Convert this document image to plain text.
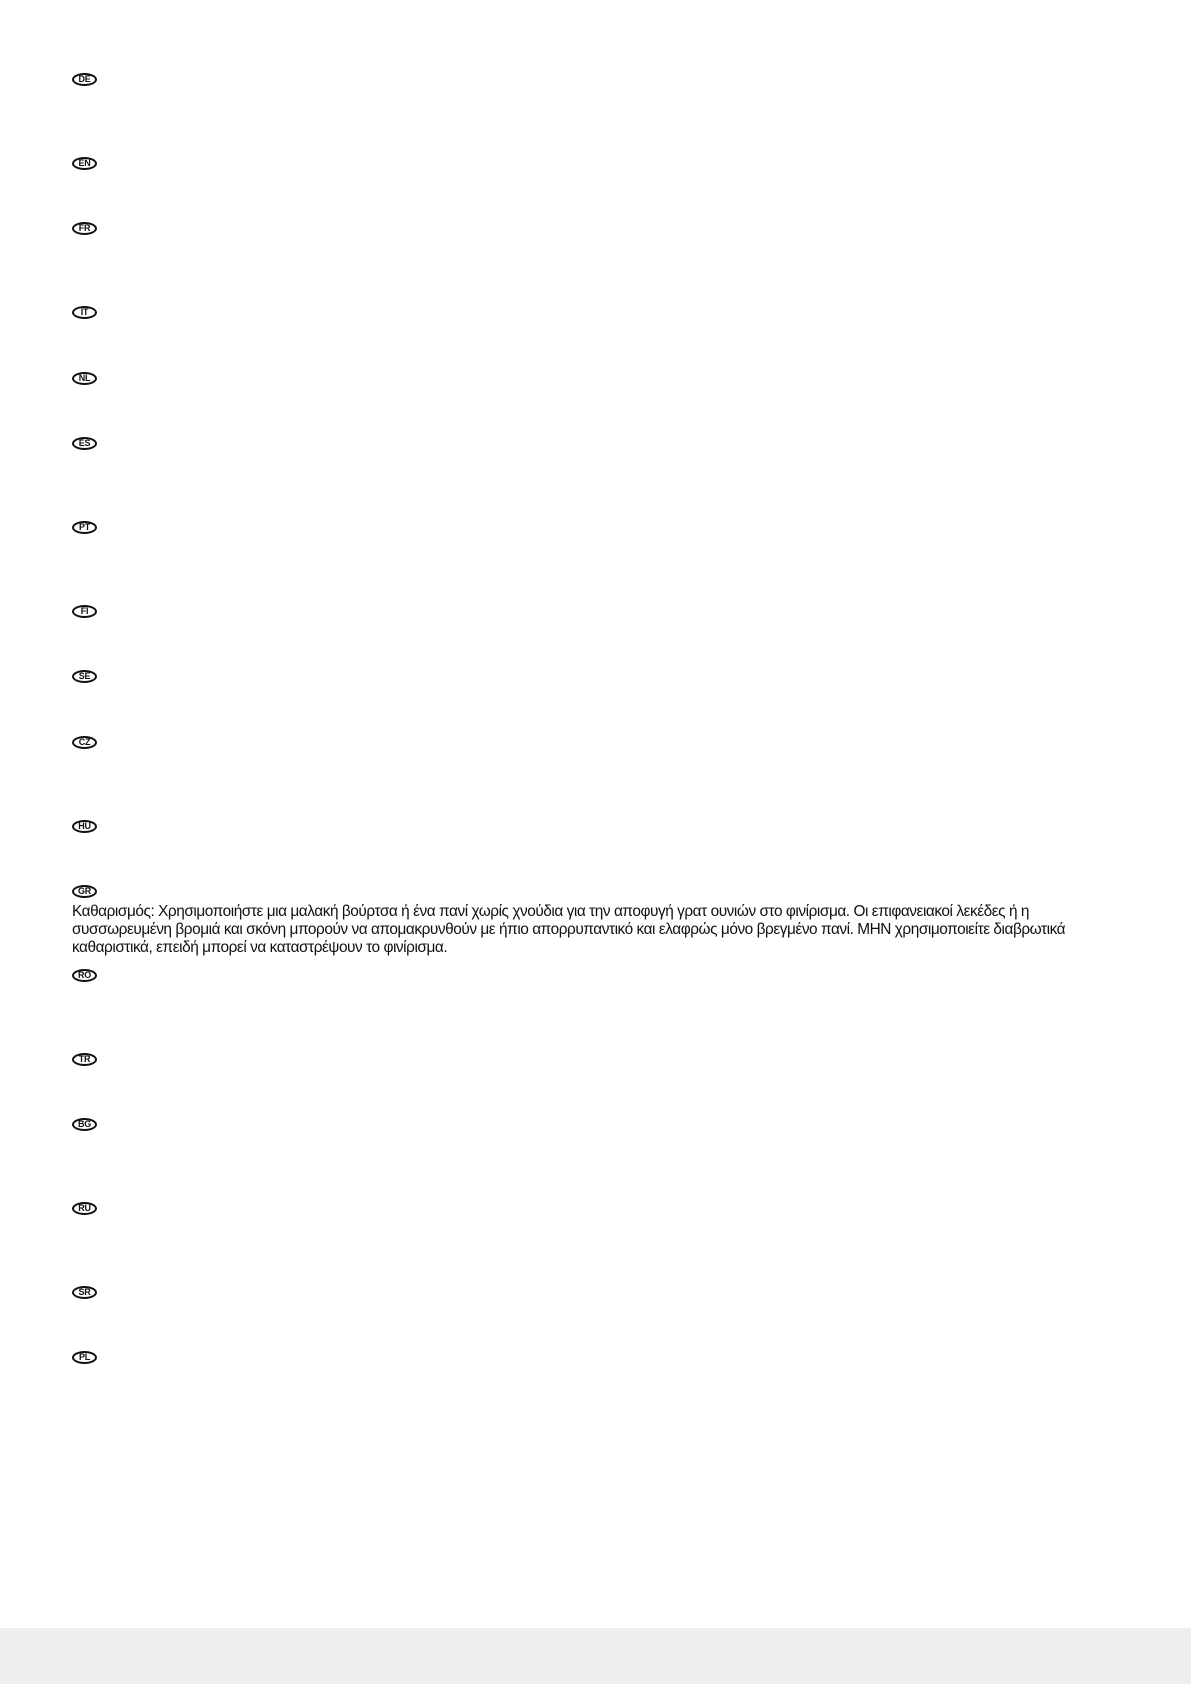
DE
EN
FR
IT
NL
ES
PT
FI
SE
CZ
HU
GR
Καθαρισμός: Χρησιμοποιήστε μια μαλακή βούρτσα ή ένα πανί χωρίς χνούδια για την αποφυγή γρατ ουνιών στο φινίρισμα. Οι επιφανειακοί λεκέδες ή η
συσσωρευμένη βρομιά και σκόνη μπορούν να απομακρυνθούν με ήπιο απορρυπαντικό και ελαφρώς μόνο βρεγμένο πανί. ΜΗΝ χρησιμοποιείτε διαβρωτικά
καθαριστικά, επειδή μπορεί να καταστρέψουν το φινίρισμα.
RO
TR
BG
RU
SR
PL
